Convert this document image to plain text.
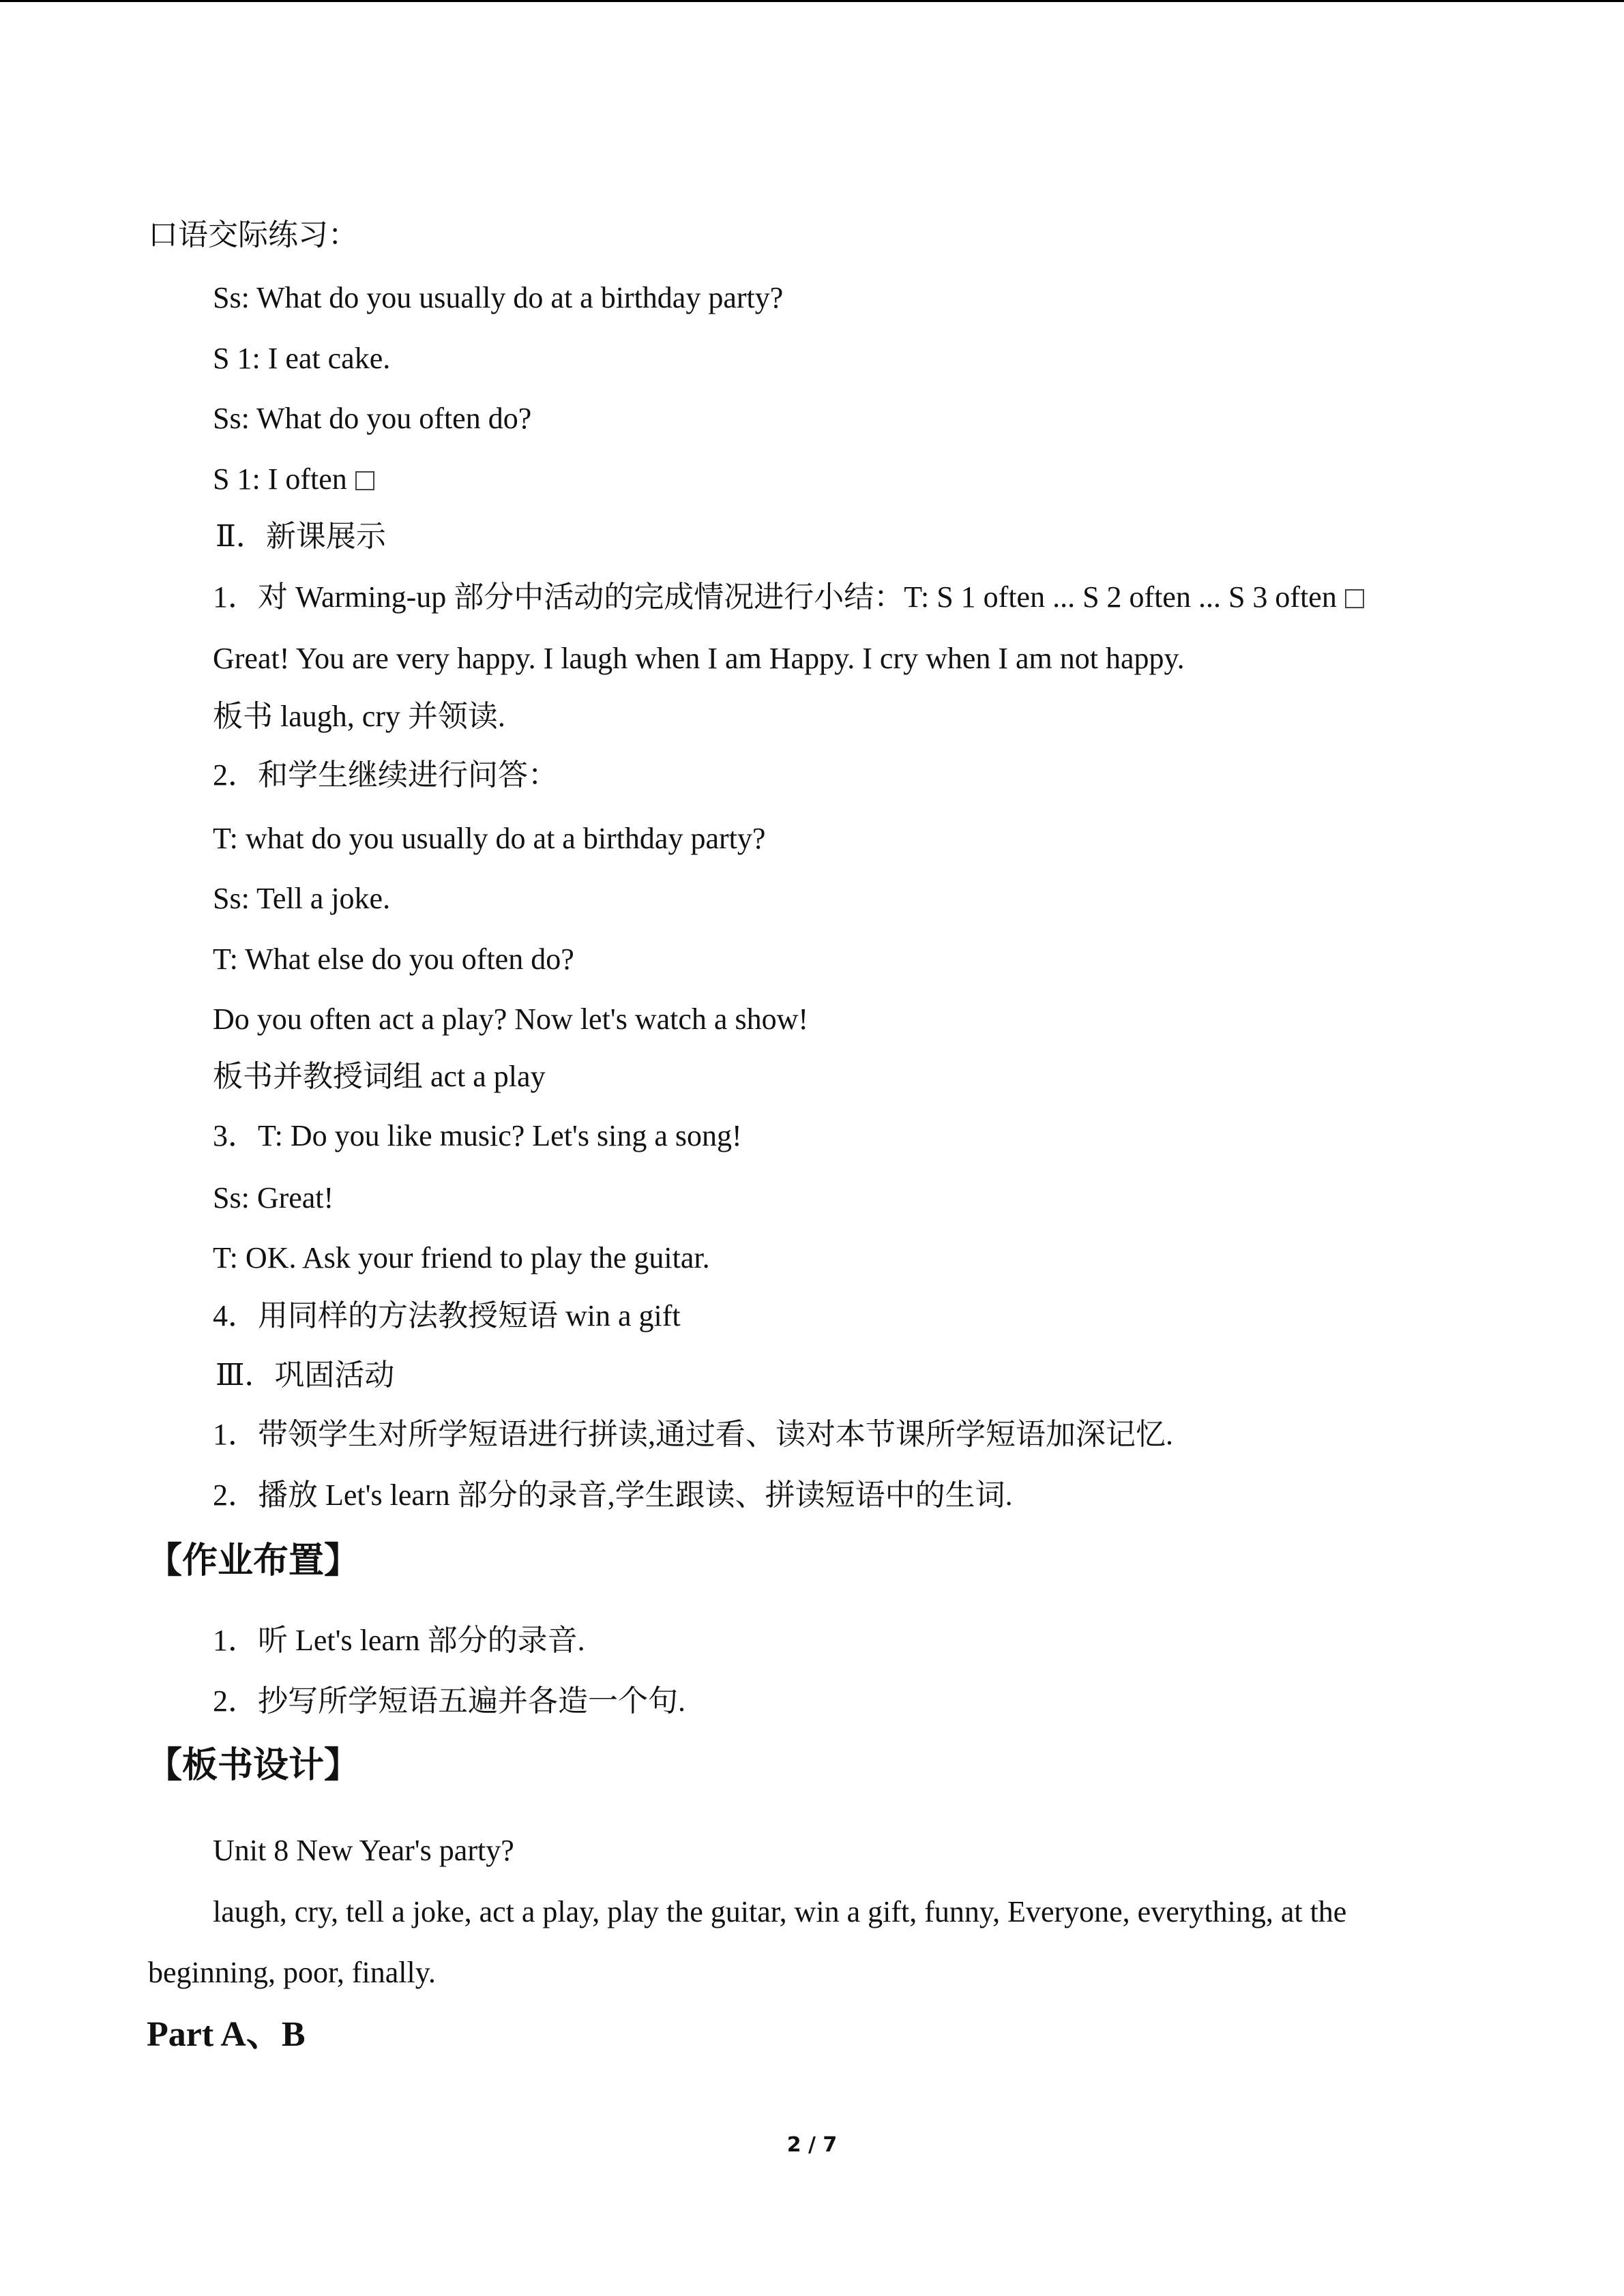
口语交际练习：
Ss: What do you usually do at a birthday party?
S 1: I eat cake.
Ss: What do you often do?
S 1: I often
Ⅱ．新课展示
1．对 Warming-up 部分中活动的完成情况进行小结：T: S 1 often ... S 2 often ... S 3 often
Great! You are very happy. I laugh when I am Happy. I cry when I am not happy.
板书 laugh, cry 并领读.
2．和学生继续进行问答：
T: what do you usually do at a birthday party?
Ss: Tell a joke.
T: What else do you often do?
Do you often act a play? Now let's watch a show!
板书并教授词组 act a play
3．T: Do you like music? Let's sing a song!
Ss: Great!
T: OK. Ask your friend to play the guitar.
4．用同样的方法教授短语 win a gift
Ⅲ．巩固活动
1．带领学生对所学短语进行拼读,通过看、读对本节课所学短语加深记忆.
2．播放 Let's learn 部分的录音,学生跟读、拼读短语中的生词.
【作业布置】
1．听 Let's learn 部分的录音.
2．抄写所学短语五遍并各造一个句.
【板书设计】
Unit 8 New Year's party?
laugh, cry, tell a joke, act a play, play the guitar, win a gift, funny, Everyone, everything, at the
beginning, poor, finally.
Part A、B
2 / 7
